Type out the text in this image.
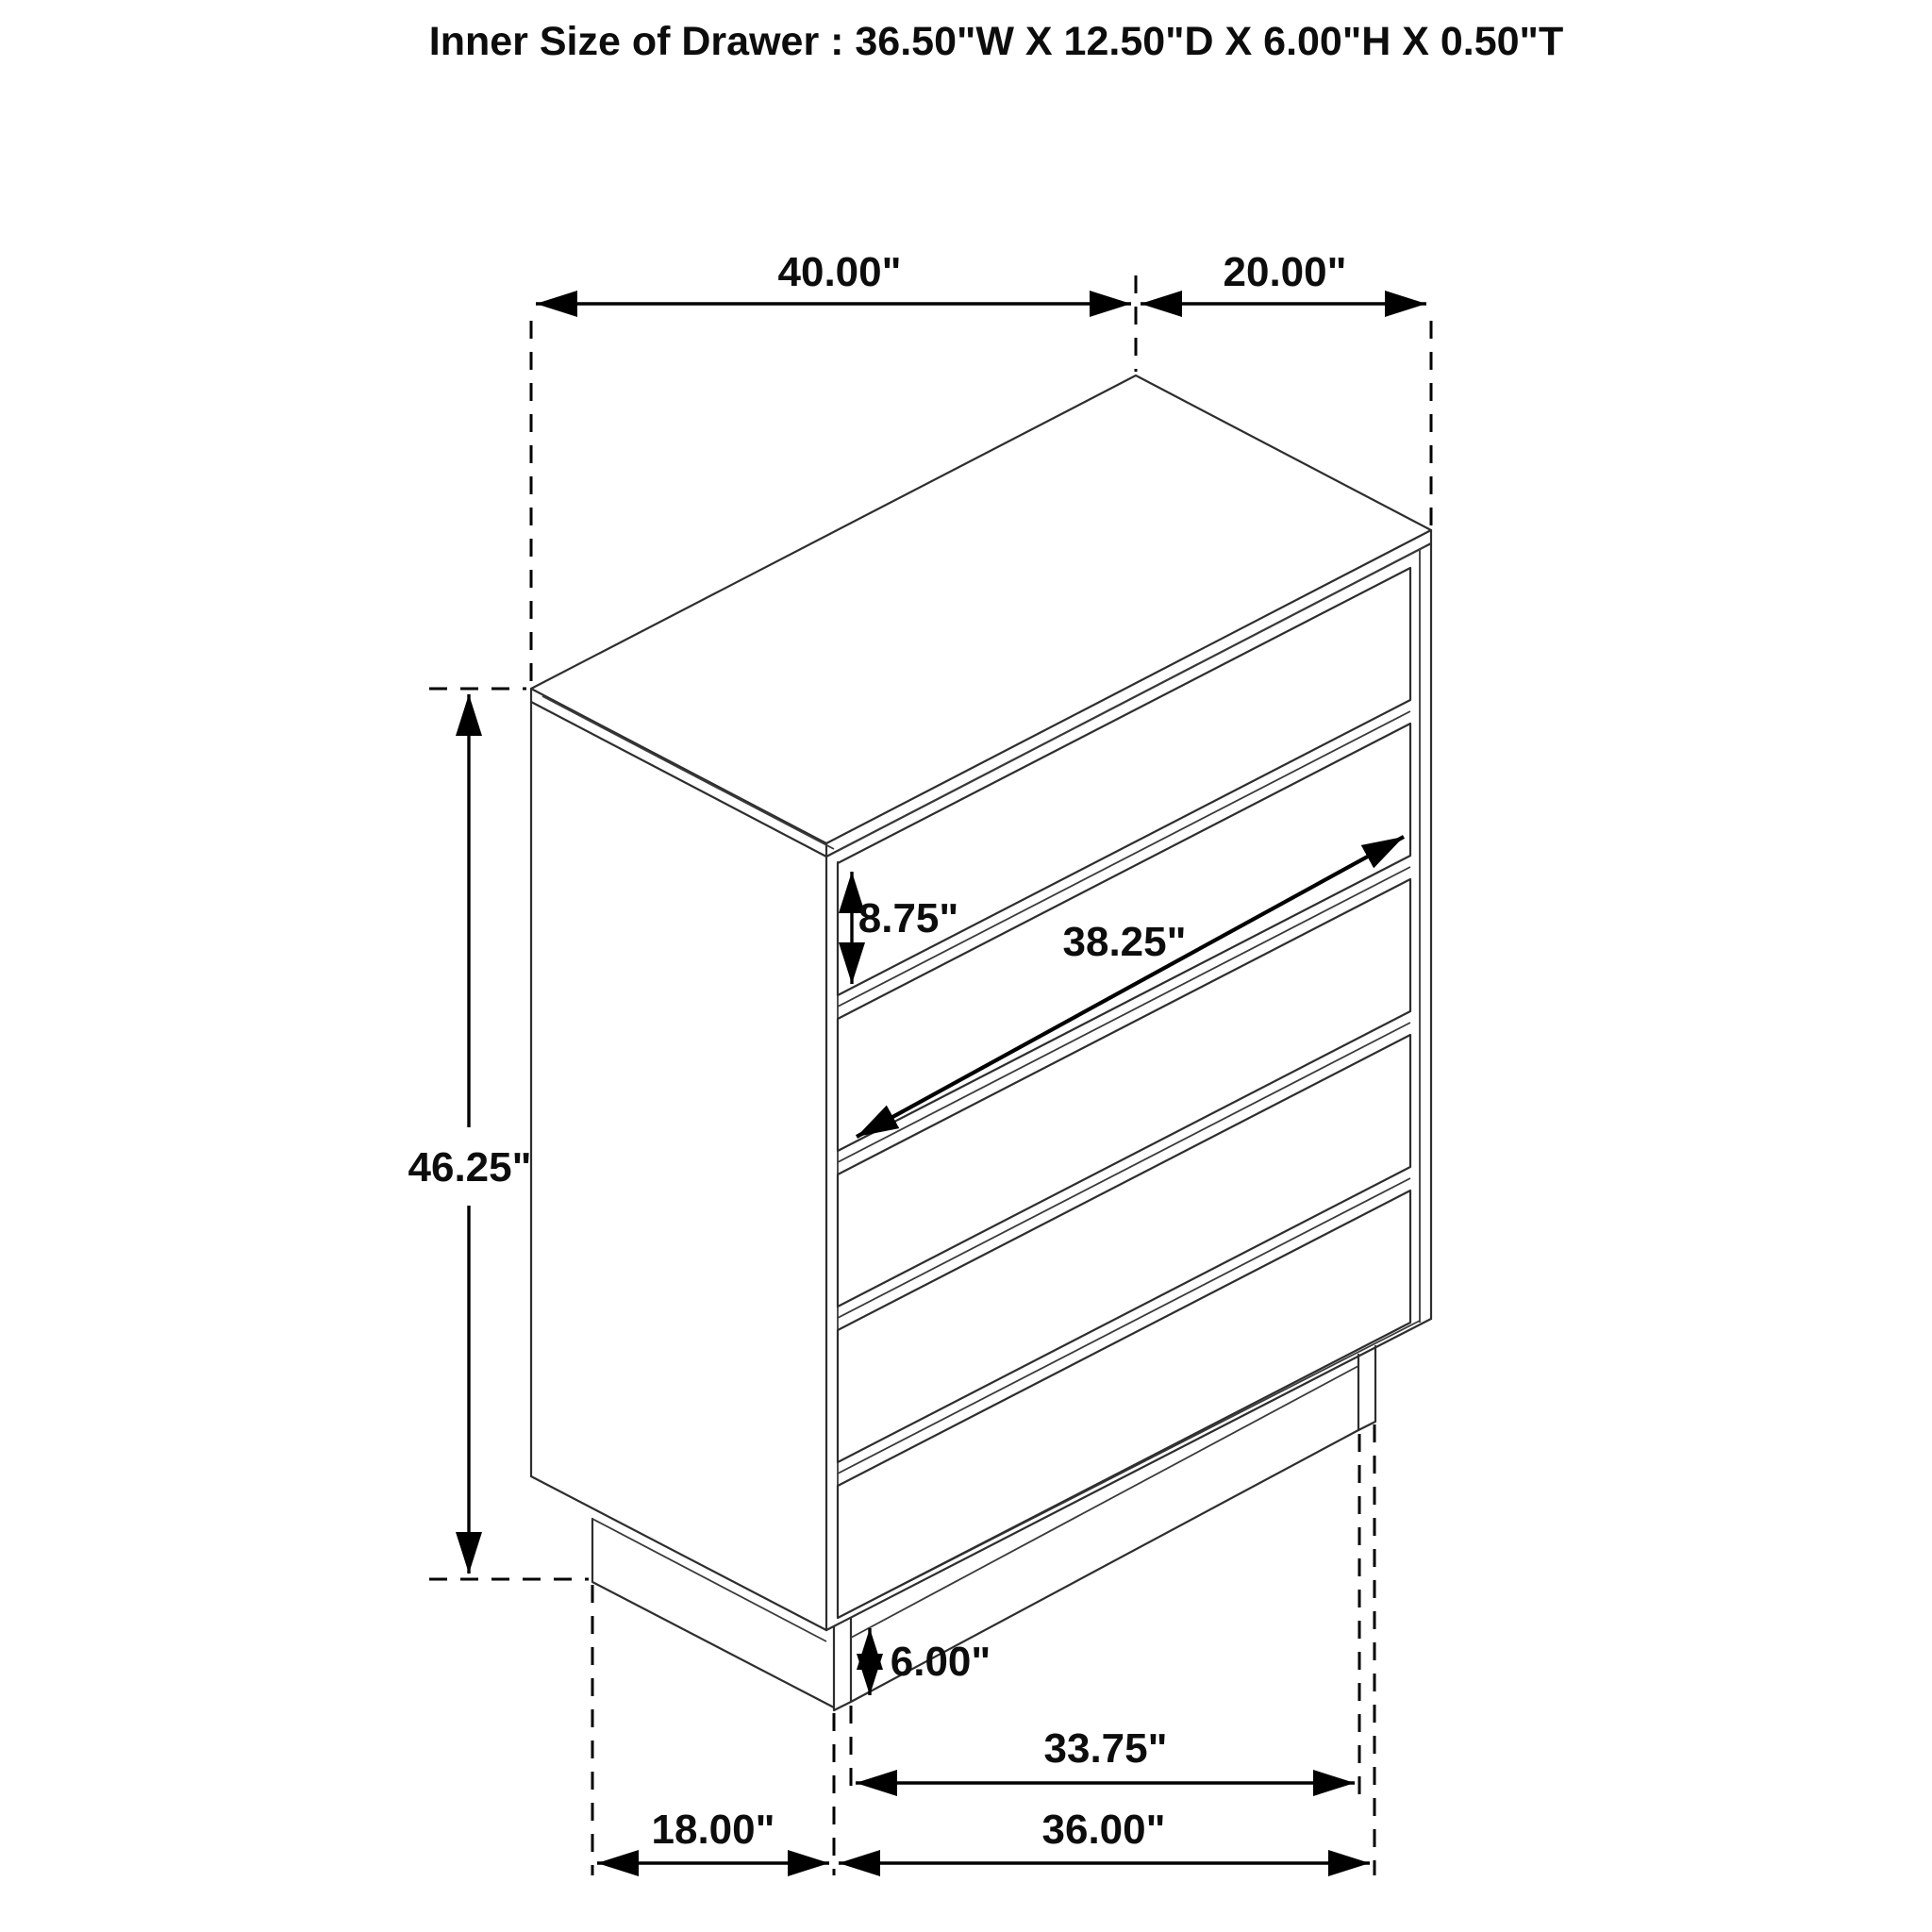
Inner Size of Drawer : 36.50"W X 12.50"D X 6.00"H X 0.50"T
40.00"	20.00"
46.25"
8.75"
38.25"
6.00"
33.75"
18.00"	36.00"
